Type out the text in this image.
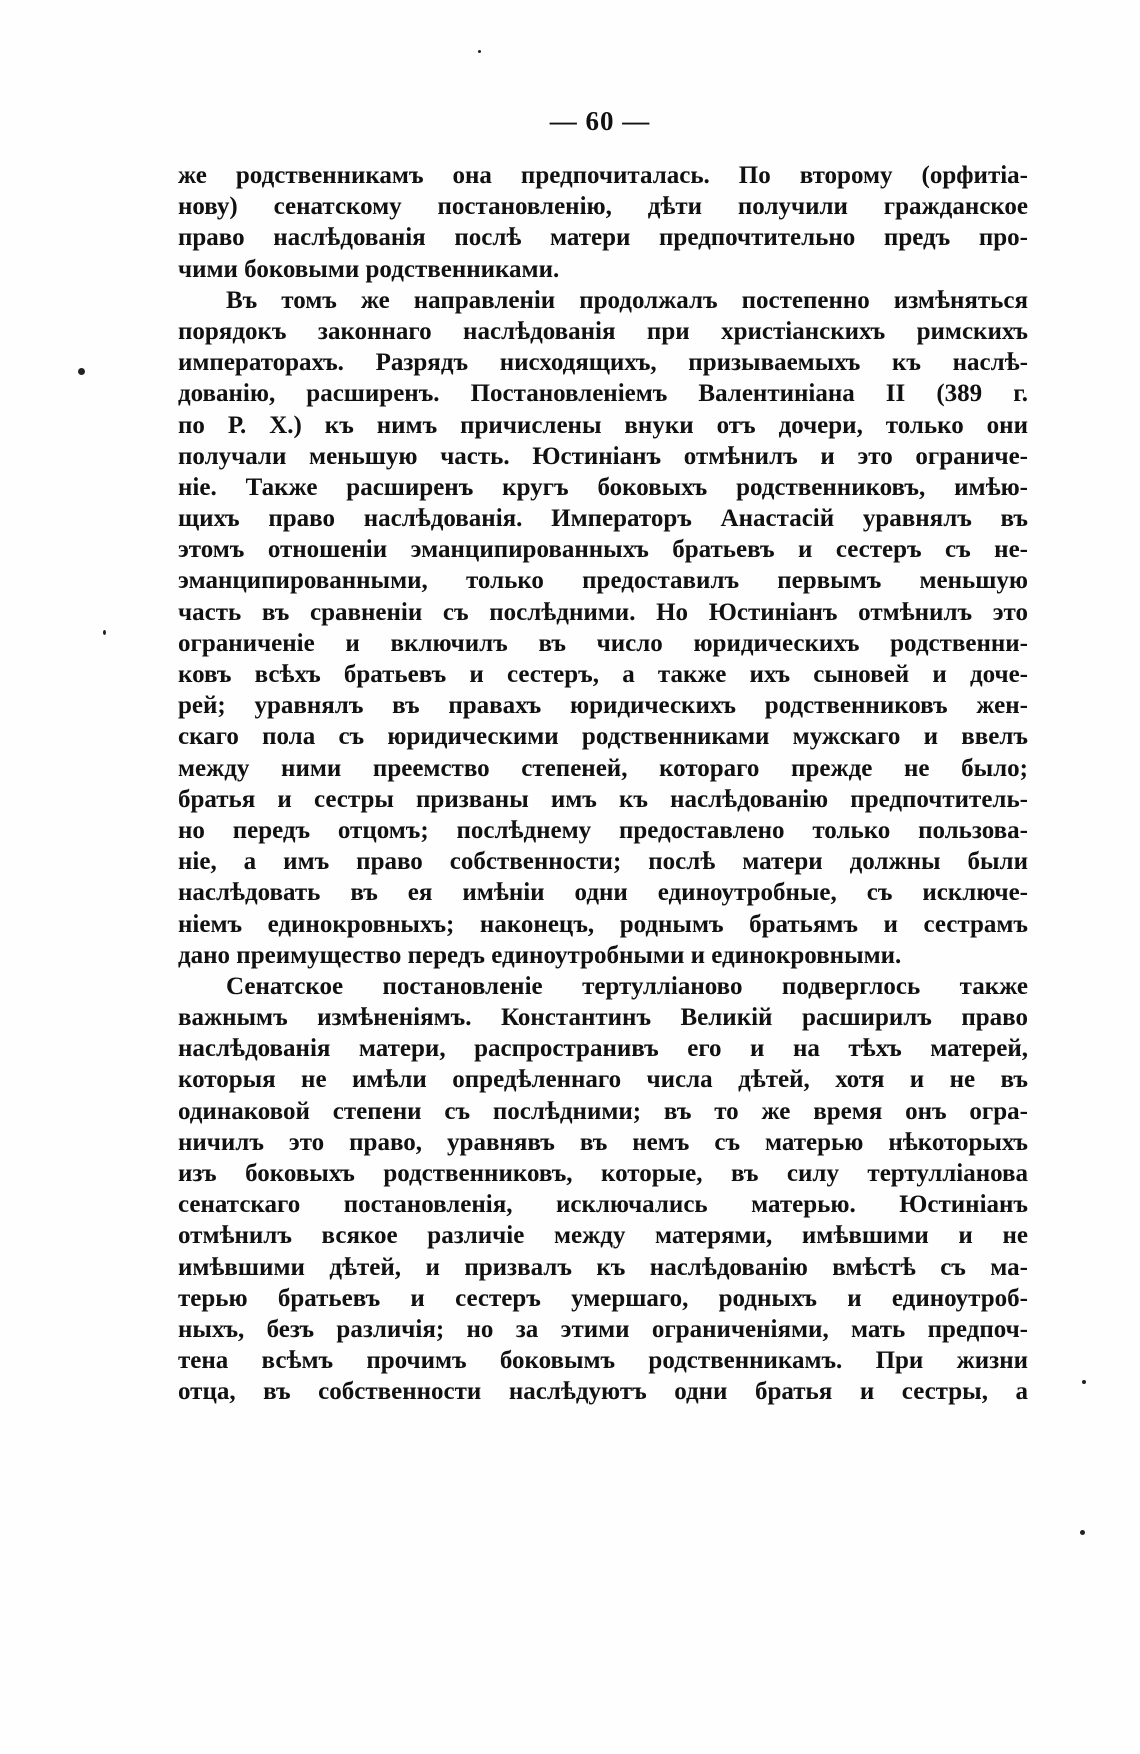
— 60 —
же родственникамъ она предпочиталась. По второму (орфитіа-
нову) сенатскому постановленію, дѣти получили гражданское
право наслѣдованія послѣ матери предпочтительно предъ про-
чими боковыми родственниками.
Въ томъ же направленіи продолжалъ постепенно измѣняться
порядокъ законнаго наслѣдованія при христіанскихъ римскихъ
императорахъ. Разрядъ нисходящихъ, призываемыхъ къ наслѣ-
дованію, расширенъ. Постановленіемъ Валентиніана II (389 г.
по Р. Х.) къ нимъ причислены внуки отъ дочери, только они
получали меньшую часть. Юстиніанъ отмѣнилъ и это ограниче-
ніе. Также расширенъ кругъ боковыхъ родственниковъ, имѣю-
щихъ право наслѣдованія. Императоръ Анастасій уравнялъ въ
этомъ отношеніи эманципированныхъ братьевъ и сестеръ съ не-
эманципированными, только предоставилъ первымъ меньшую
часть въ сравненіи съ послѣдними. Но Юстиніанъ отмѣнилъ это
ограниченіе и включилъ въ число юридическихъ родственни-
ковъ всѣхъ братьевъ и сестеръ, а также ихъ сыновей и доче-
рей; уравнялъ въ правахъ юридическихъ родственниковъ жен-
скаго пола съ юридическими родственниками мужскаго и ввелъ
между ними преемство степеней, котораго прежде не было;
братья и сестры призваны имъ къ наслѣдованію предпочтитель-
но передъ отцомъ; послѣднему предоставлено только пользова-
ніе, а имъ право собственности; послѣ матери должны были
наслѣдовать въ ея имѣніи одни единоутробные, съ исключе-
ніемъ единокровныхъ; наконецъ, роднымъ братьямъ и сестрамъ
дано преимущество передъ единоутробными и единокровными.
Сенатское постановленіе тертулліаново подверглось также
важнымъ измѣненіямъ. Константинъ Великій расширилъ право
наслѣдованія матери, распространивъ его и на тѣхъ матерей,
которыя не имѣли опредѣленнаго числа дѣтей, хотя и не въ
одинаковой степени съ послѣдними; въ то же время онъ огра-
ничилъ это право, уравнявъ въ немъ съ матерью нѣкоторыхъ
изъ боковыхъ родственниковъ, которые, въ силу тертулліанова
сенатскаго постановленія, исключались матерью. Юстиніанъ
отмѣнилъ всякое различіе между матерями, имѣвшими и не
имѣвшими дѣтей, и призвалъ къ наслѣдованію вмѣстѣ съ ма-
терью братьевъ и сестеръ умершаго, родныхъ и единоутроб-
ныхъ, безъ различія; но за этими ограниченіями, мать предпоч-
тена всѣмъ прочимъ боковымъ родственникамъ. При жизни
отца, въ собственности наслѣдуютъ одни братья и сестры, а
